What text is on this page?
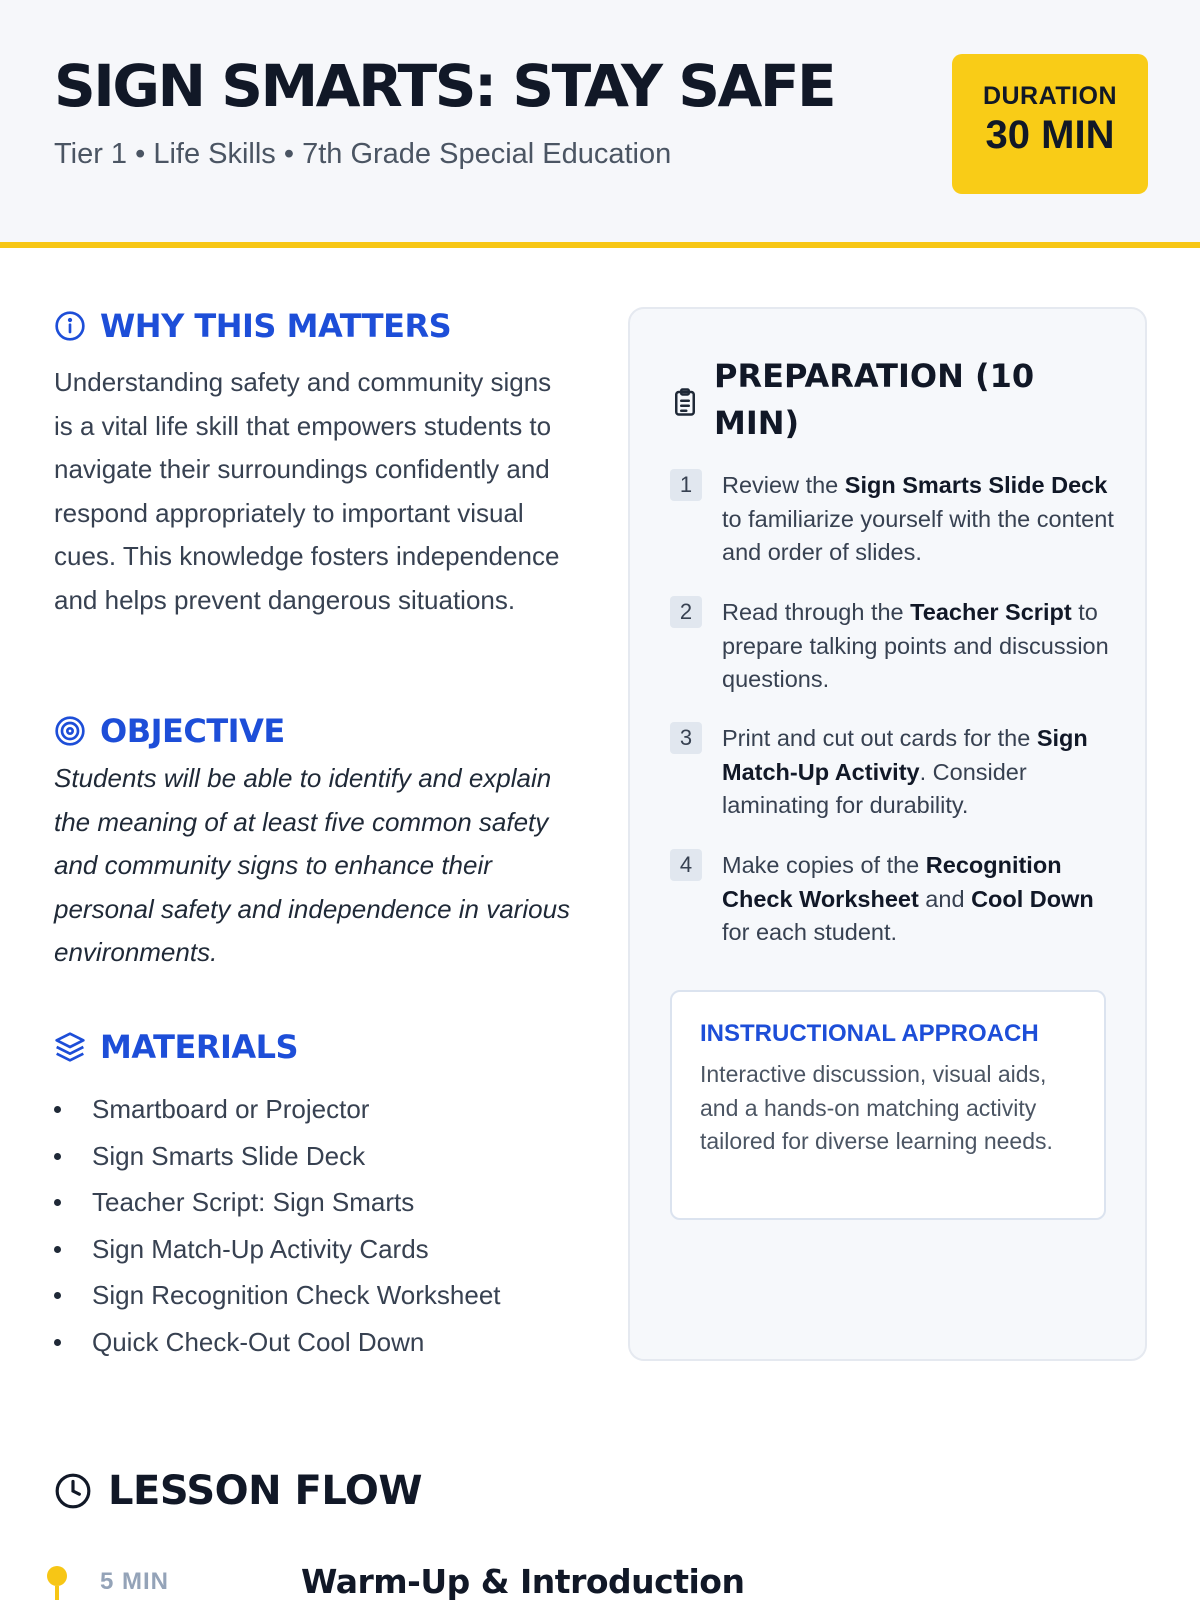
SIGN SMARTS: STAY SAFE
Tier 1 • Life Skills • 7th Grade Special Education
DURATION
30 MIN
WHY THIS MATTERS

Understanding safety and community signs is a vital life skill that empowers students to navigate their surroundings confidently and respond appropriately to important visual cues. This knowledge fosters independence and helps prevent dangerous situations.

OBJECTIVE

Students will be able to identify and explain the meaning of at least five common safety and community signs to enhance their personal safety and independence in various environments.

MATERIALS
Smartboard or Projector
Sign Smarts Slide Deck
Teacher Script: Sign Smarts
Sign Match-Up Activity Cards
Sign Recognition Check Worksheet
Quick Check-Out Cool Down
PREPARATION (10 MIN)
1	Review the Sign Smarts Slide Deck to familiarize yourself with the content and order of slides.
2	Read through the Teacher Script to prepare talking points and discussion questions.
3	Print and cut out cards for the Sign Match-Up Activity. Consider laminating for durability.
4	Make copies of the Recognition Check Worksheet and Cool Down for each student.
INSTRUCTIONAL APPROACH
Interactive discussion, visual aids, and a hands-on matching activity tailored for diverse learning needs.
LESSON FLOW
5 MIN	Warm-Up & Introduction
